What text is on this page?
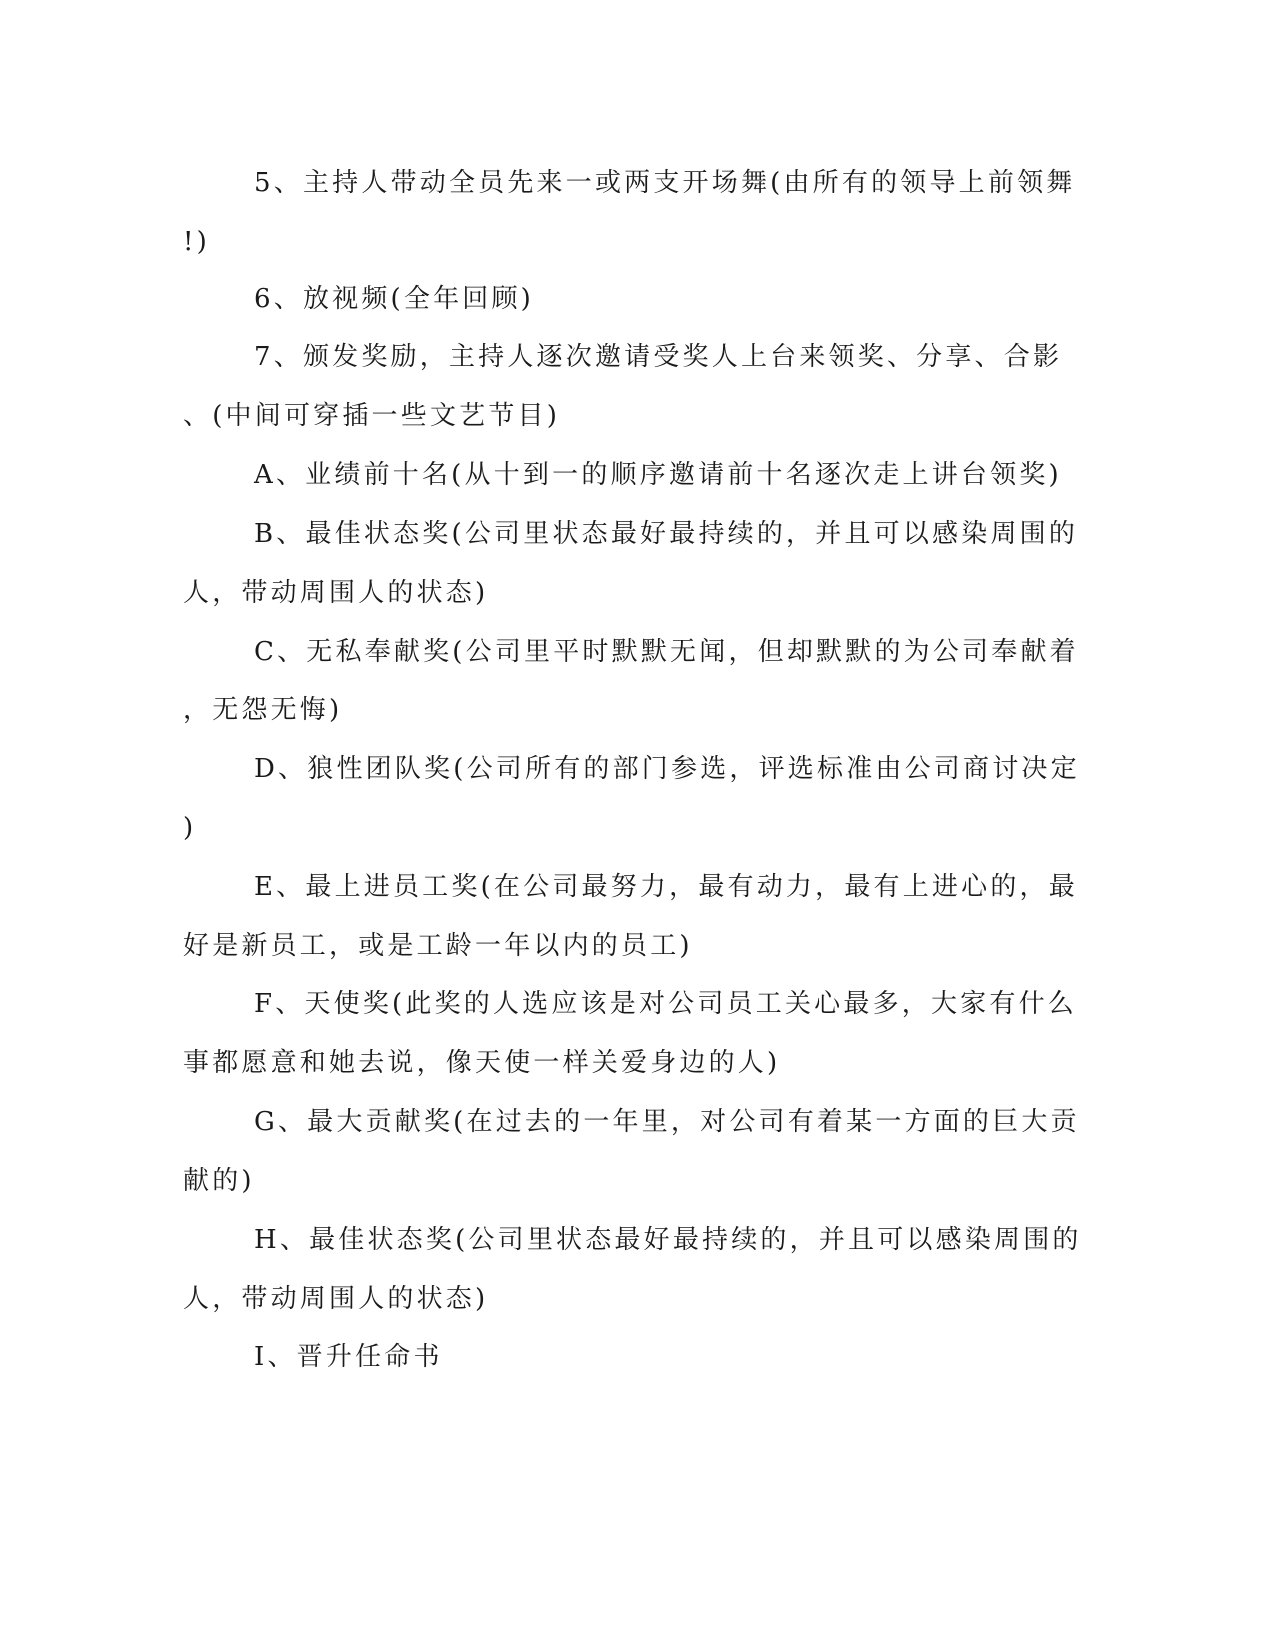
5、主持人带动全员先来一或两支开场舞(由所有的领导上前领舞
!)
6、放视频(全年回顾)
7、颁发奖励，主持人逐次邀请受奖人上台来领奖、分享、合影
、(中间可穿插一些文艺节目)
A、业绩前十名(从十到一的顺序邀请前十名逐次走上讲台领奖)
B、最佳状态奖(公司里状态最好最持续的，并且可以感染周围的
人，带动周围人的状态)
C、无私奉献奖(公司里平时默默无闻，但却默默的为公司奉献着
，无怨无悔)
D、狼性团队奖(公司所有的部门参选，评选标准由公司商讨决定
)
E、最上进员工奖(在公司最努力，最有动力，最有上进心的，最
好是新员工，或是工龄一年以内的员工)
F、天使奖(此奖的人选应该是对公司员工关心最多，大家有什么
事都愿意和她去说，像天使一样关爱身边的人)
G、最大贡献奖(在过去的一年里，对公司有着某一方面的巨大贡
献的)
H、最佳状态奖(公司里状态最好最持续的，并且可以感染周围的
人，带动周围人的状态)
I、晋升任命书
